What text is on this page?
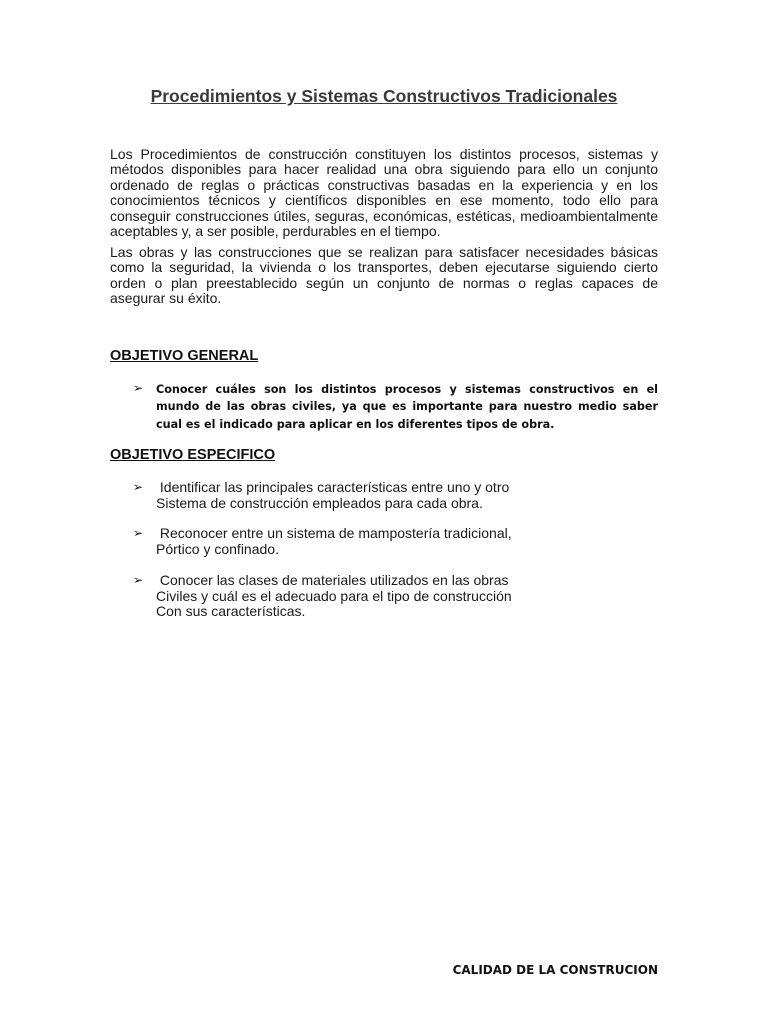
Procedimientos y Sistemas Constructivos Tradicionales

Los Procedimientos de construcción constituyen los distintos procesos, sistemas y métodos disponibles para hacer realidad una obra siguiendo para ello un conjunto ordenado de reglas o prácticas constructivas basadas en la experiencia y en los conocimientos técnicos y científicos disponibles en ese momento, todo ello para conseguir construcciones útiles, seguras, económicas, estéticas, medioambientalmente aceptables y, a ser posible, perdurables en el tiempo.

Las obras y las construcciones que se realizan para satisfacer necesidades básicas como la seguridad, la vivienda o los transportes, deben ejecutarse siguiendo cierto orden o plan preestablecido según un conjunto de normas o reglas capaces de asegurar su éxito.

OBJETIVO GENERAL
➢ Conocer cuáles son los distintos procesos y sistemas constructivos en el mundo de las obras civiles, ya que es importante para nuestro medio saber cual es el indicado para aplicar en los diferentes tipos de obra.

OBJETIVO ESPECIFICO
➢ Identificar las principales características entre uno y otro
Sistema de construcción empleados para cada obra.

➢ Reconocer entre un sistema de mampostería tradicional,
Pórtico y confinado.

➢ Conocer las clases de materiales utilizados en las obras
Civiles y cuál es el adecuado para el tipo de construcción
Con sus características.

CALIDAD DE LA CONSTRUCION
